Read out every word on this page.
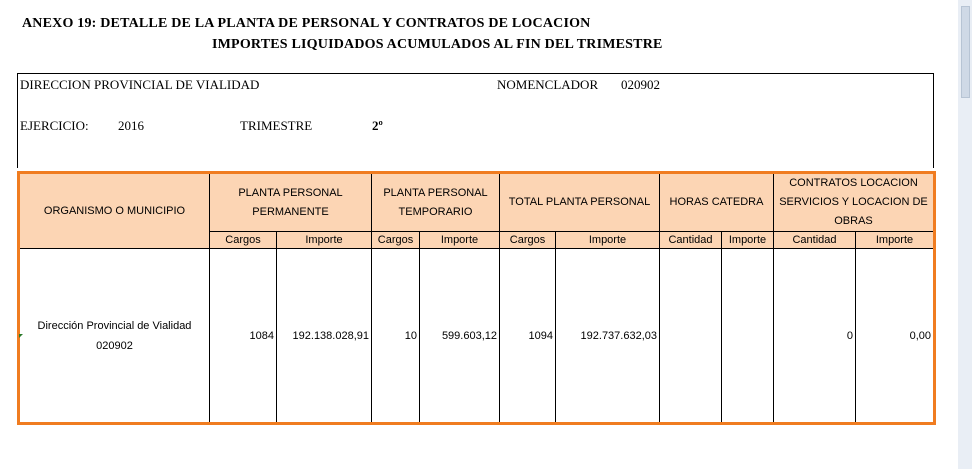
ANEXO 19: DETALLE DE LA PLANTA DE PERSONAL Y CONTRATOS DE LOCACION
IMPORTES LIQUIDADOS ACUMULADOS AL FIN DEL TRIMESTRE
DIRECCION PROVINCIAL DE VIALIDAD	NOMENCLADOR 020902
EJERCICIO: 2016	TRIMESTRE	2º
ORGANISMO O MUNICIPIO	PLANTA PERSONAL PERMANENTE		PLANTA PERSONAL TEMPORARIO		TOTAL PLANTA PERSONAL		HORAS CATEDRA		CONTRATOS LOCACION SERVICIOS Y LOCACION DE OBRAS	
	Cargos	Importe	Cargos	Importe	Cargos	Importe	Cantidad	Importe	Cantidad	Importe
Dirección Provincial de Vialidad 020902	1084	192.138.028,91	10	599.603,12	1094	192.737.632,03			0	0,00
